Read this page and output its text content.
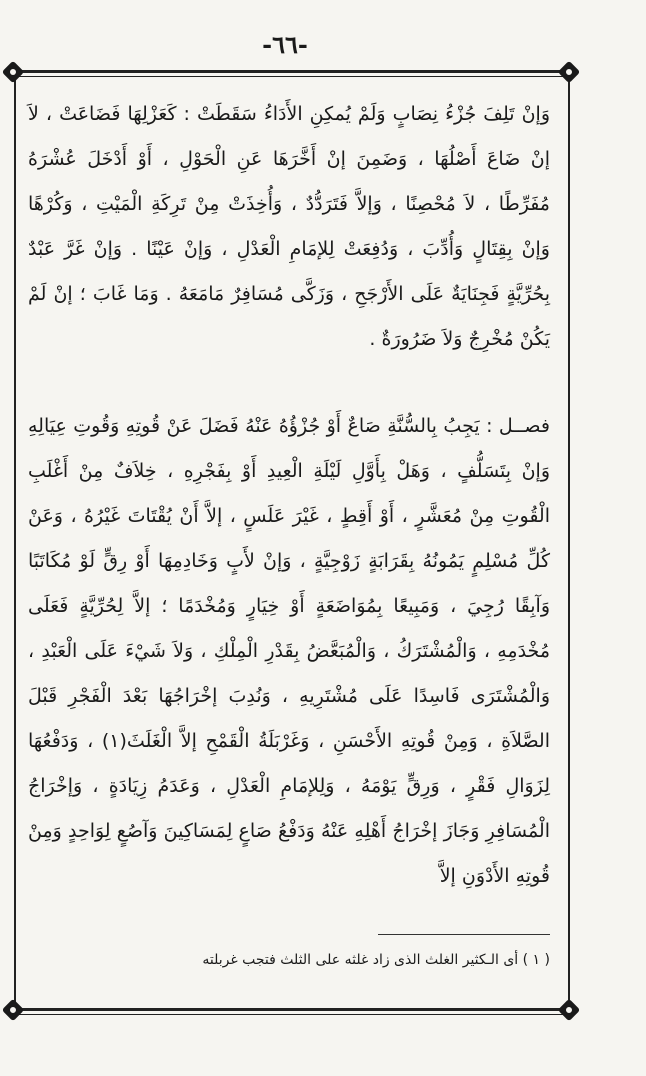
-٦٦-
وَإنْ تَلِفَ جُزْءُ نِصَابٍ وَلَمْ يُمكِنِ الأَدَاءُ سَقَطَتْ : كَعَزْلِهَا فَضَاعَتْ ، لاَ إنْ ضَاعَ أَصْلُهَا ، وَضَمِنَ إنْ أَخَّرَهَا عَنِ الْحَوْلِ ، أَوْ أَدْخَلَ عُشْرَهُ مُفَرِّطًا ، لاَ مُحْصِنًا ، وَإلاَّ فَتَرَدُّدٌ ، وَأُخِذَتْ مِنْ تَرِكَةِ الْمَيْتِ ، وَكُرْهًا وَإنْ بِقِتَالٍ وَأُدِّبَ ، وَدُفِعَتْ لِلإمَامِ الْعَدْلِ ، وَإنْ عَيْنًا . وَإنْ غَرَّ عَبْدٌ بِحُرِّيَّةٍ فَجِنَايَةٌ عَلَى الأَرْجَحِ ، وَزَكَّى مُسَافِرٌ مَامَعَهُ . وَمَا غَابَ ؛ إنْ لَمْ يَكُنْ مُخْرِجٌ وَلاَ ضَرُورَةٌ .
فصــل : يَجِبُ بِالسُّنَّةِ صَاعٌ أَوْ جُزْؤُهُ عَنْهُ فَضَلَ عَنْ قُوتِهِ وَقُوتِ عِيَالِهِ وَإنْ بِتَسَلُّفٍ ، وَهَلْ بِأَوَّلِ لَيْلَةِ الْعِيدِ أَوْ بِفَجْرِهِ ، خِلاَفٌ مِنْ أَغْلَبِ الْقُوتِ مِنْ مُعَشَّرٍ ، أَوْ أَقِطٍ ، غَيْرَ عَلَسٍ ، إلاَّ أَنْ يُقْتَاتَ غَيْرُهُ ، وَعَنْ كُلِّ مُسْلِمٍ يَمُونُهُ بِقَرَابَةٍ زَوْجِيَّةٍ ، وَإنْ لأَبٍ وَخَادِمِهَا أَوْ رِقٍّ لَوْ مُكَاتَبًا وَآبِقًا رُجِيَ ، وَمَبِيعًا بِمُوَاضَعَةٍ أَوْ خِيَارٍ وَمُخْدَمًا ؛ إلاَّ لِحُرِّيَّةٍ فَعَلَى مُخْدَمِهِ ، وَالْمُشْتَرَكُ ، وَالْمُبَعَّضُ بِقَدْرِ الْمِلْكِ ، وَلاَ شَيْءَ عَلَى الْعَبْدِ ، وَالْمُشْتَرَى فَاسِدًا عَلَى مُشْتَرِيهِ ، وَنُدِبَ إخْرَاجُهَا بَعْدَ الْفَجْرِ قَبْلَ الصَّلاَةِ ، وَمِنْ قُوتِهِ الأَحْسَنِ ، وَغَرْبَلَةُ الْقَمْحِ إلاَّ الْغَلَثَ(١) ، وَدَفْعُهَا لِزَوَالِ فَقْرٍ ، وَرِقٍّ يَوْمَهُ ، وَلِلإمَامِ الْعَدْلِ ، وَعَدَمُ زِيَادَةٍ ، وَإخْرَاجُ الْمُسَافِرِ وَجَازَ إخْرَاجُ أَهْلِهِ عَنْهُ وَدَفْعُ صَاعٍ لِمَسَاكِينَ وَآصُعٍ لِوَاحِدٍ وَمِنْ قُوتِهِ الأَدْوَنِ إلاَّ
( ١ ) أى الـكثير الغلث الذى زاد غلثه على الثلث فتجب غربلته
